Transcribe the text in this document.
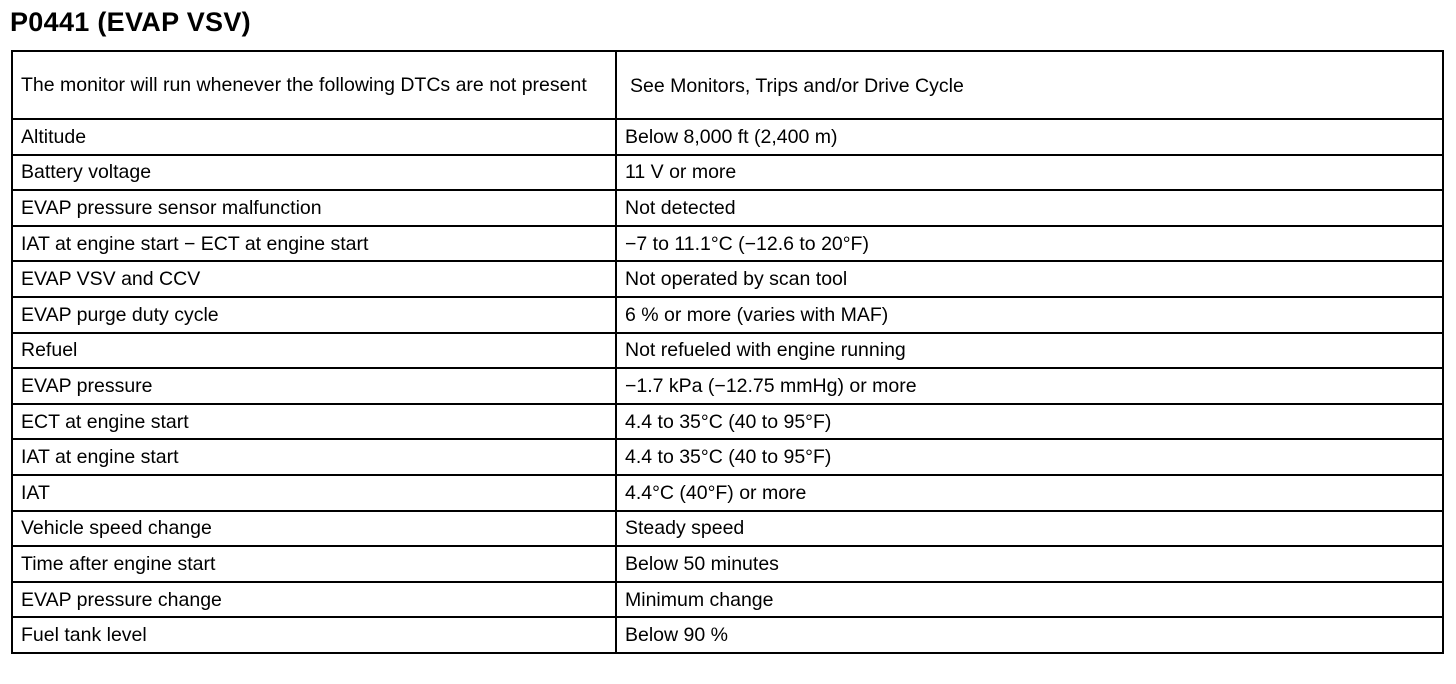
P0441 (EVAP VSV)
The monitor will run whenever the following DTCs are not present	See Monitors, Trips and/or Drive Cycle
Altitude	Below 8,000 ft (2,400 m)
Battery voltage	11 V or more
EVAP pressure sensor malfunction	Not detected
IAT at engine start − ECT at engine start	−7 to 11.1°C (−12.6 to 20°F)
EVAP VSV and CCV	Not operated by scan tool
EVAP purge duty cycle	6 % or more (varies with MAF)
Refuel	Not refueled with engine running
EVAP pressure	−1.7 kPa (−12.75 mmHg) or more
ECT at engine start	4.4 to 35°C (40 to 95°F)
IAT at engine start	4.4 to 35°C (40 to 95°F)
IAT	4.4°C (40°F) or more
Vehicle speed change	Steady speed
Time after engine start	Below 50 minutes
EVAP pressure change	Minimum change
Fuel tank level	Below 90 %
